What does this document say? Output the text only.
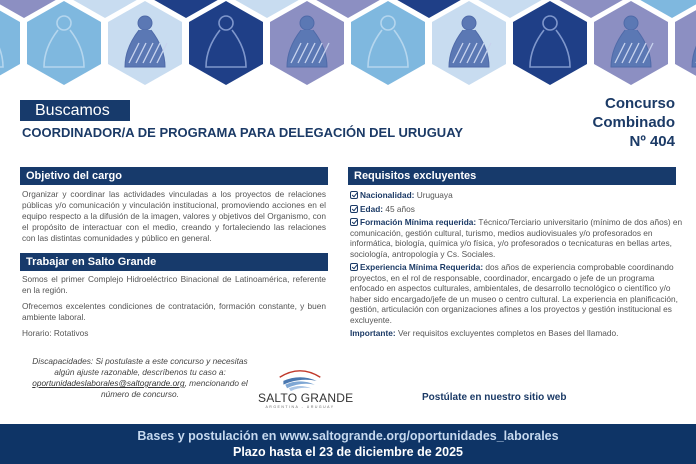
Buscamos
COORDINADOR/A DE PROGRAMA PARA DELEGACIÓN DEL URUGUAY
Concurso
Combinado
Nº 404
Objetivo del cargo
Organizar y coordinar las actividades vinculadas a los proyectos de relaciones públicas y/o comunicación y vinculación institucional, promoviendo acciones en el equipo respecto a la difusión de la imagen, valores y objetivos del Organismo, con el propósito de interactuar con el medio, creando y fortaleciendo las relaciones con las distintas comunidades y público en general.
Trabajar en Salto Grande

Somos el primer Complejo Hidroeléctrico Binacional de Latinoamérica, referente en la región.

Ofrecemos excelentes condiciones de contratación, formación constante, y buen ambiente laboral.

Horario: Rotativos

Discapacidades: Si postulaste a este concurso y necesitas algún ajuste razonable, descríbenos tu caso a: oportunidadeslaborales@saltogrande.org, mencionando el número de concurso.
Requisitos excluyentes
Nacionalidad: Uruguaya
Edad: 45 años
Formación Mínima requerida: Técnico/Terciario universitario (mínimo de dos años) en comunicación, gestión cultural, turismo, medios audiovisuales y/o profesorados en informática, biología, química y/o física, y/o profesorados o tecnicaturas en bellas artes, sociología, antropología y Cs. Sociales.
Experiencia Mínima Requerida: dos años de experiencia comprobable coordinando proyectos, en el rol de responsable, coordinador, encargado o jefe de un programa enfocado en aspectos culturales, ambientales, de desarrollo tecnológico o científico y/o haber sido encargado/jefe de un museo o centro cultural. La experiencia en planificación, gestión, articulación con organizaciones afines a los proyectos y gestión institucional es excluyente.
Importante: Ver requisitos excluyentes completos en Bases del llamado.
SALTO GRANDE
ARGENTINA - URUGUAY
Postúlate en nuestro sitio web
Bases y postulación en www.saltogrande.org/oportunidades_laborales
Plazo hasta el 23 de diciembre de 2025
